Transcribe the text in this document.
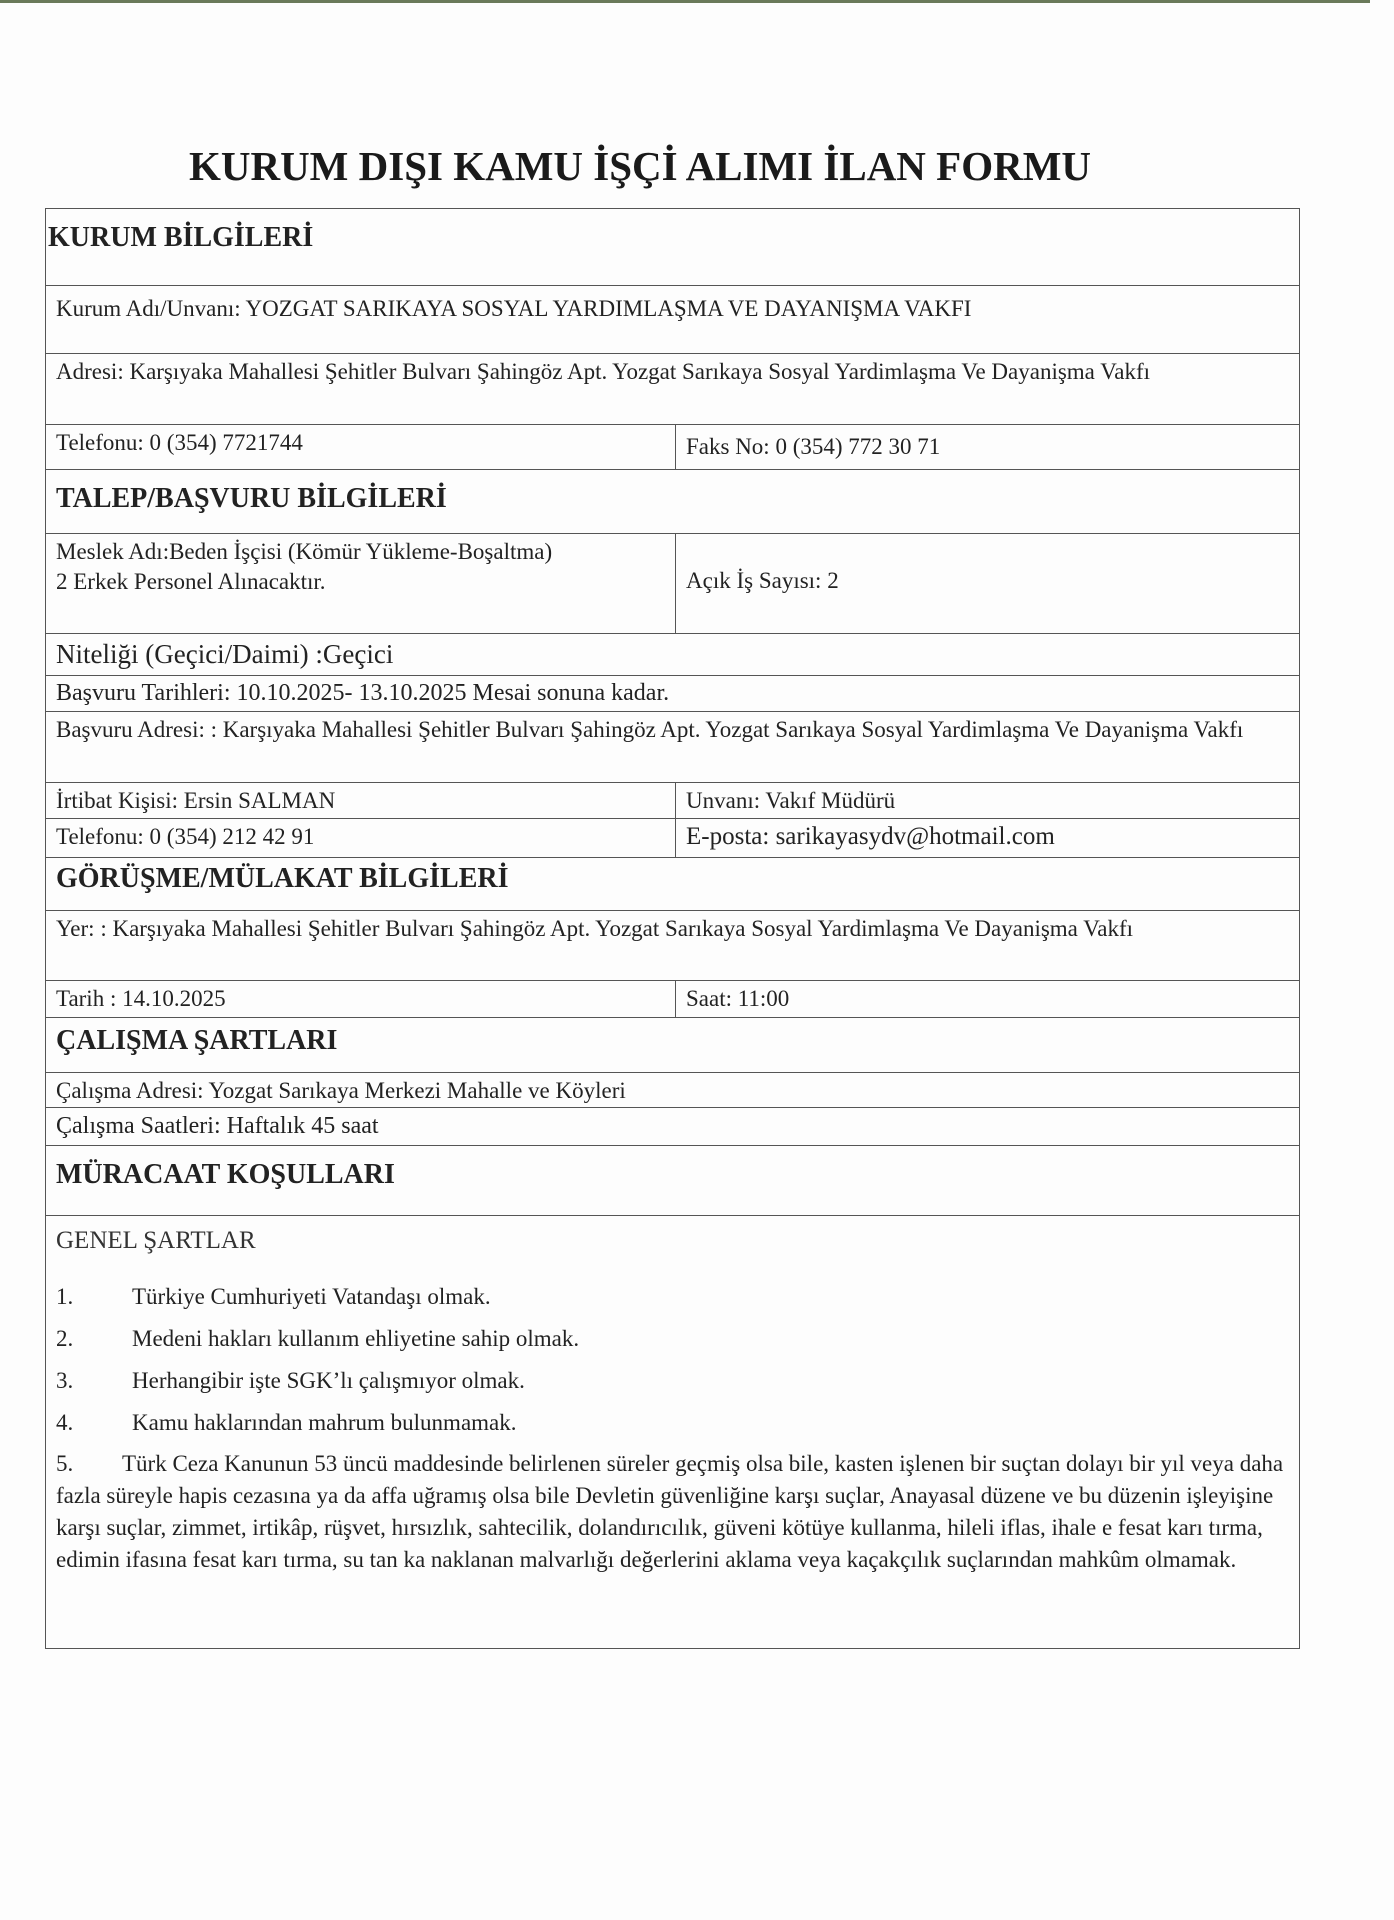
KURUM DIŞI KAMU İŞÇİ ALIMI İLAN FORMU
KURUM BİLGİLERİ
Kurum Adı/Unvanı: YOZGAT SARIKAYA SOSYAL YARDIMLAŞMA VE DAYANIŞMA VAKFI
Adresi: Karşıyaka Mahallesi Şehitler Bulvarı Şahingöz Apt. Yozgat Sarıkaya Sosyal Yardimlaşma Ve Dayanişma Vakfı
Telefonu: 0 (354) 7721744	Faks No: 0 (354) 772 30 71
TALEP/BAŞVURU BİLGİLERİ
Meslek Adı:Beden İşçisi (Kömür Yükleme-Boşaltma)
2 Erkek Personel Alınacaktır.	Açık İş Sayısı: 2
Niteliği (Geçici/Daimi) :Geçici
Başvuru Tarihleri: 10.10.2025- 13.10.2025 Mesai sonuna kadar.
Başvuru Adresi: : Karşıyaka Mahallesi Şehitler Bulvarı Şahingöz Apt. Yozgat Sarıkaya Sosyal Yardimlaşma Ve Dayanişma Vakfı
İrtibat Kişisi: Ersin SALMAN	Unvanı: Vakıf Müdürü
Telefonu: 0 (354) 212 42 91	E-posta: sarikayasydv@hotmail.com
GÖRÜŞME/MÜLAKAT BİLGİLERİ
Yer: : Karşıyaka Mahallesi Şehitler Bulvarı Şahingöz Apt. Yozgat Sarıkaya Sosyal Yardimlaşma Ve Dayanişma Vakfı
Tarih : 14.10.2025	Saat: 11:00
ÇALIŞMA ŞARTLARI
Çalışma Adresi: Yozgat Sarıkaya Merkezi Mahalle ve Köyleri
Çalışma Saatleri: Haftalık 45 saat
MÜRACAAT KOŞULLARI
GENEL ŞARTLAR
1.	Türkiye Cumhuriyeti Vatandaşı olmak.
2.	Medeni hakları kullanım ehliyetine sahip olmak.
3.	Herhangibir işte SGK’lı çalışmıyor olmak.
4.	Kamu haklarından mahrum bulunmamak.
5. Türk Ceza Kanunun 53 üncü maddesinde belirlenen süreler geçmiş olsa bile, kasten işlenen bir suçtan dolayı bir yıl veya daha fazla süreyle hapis cezasına ya da affa uğramış olsa bile Devletin güvenliğine karşı suçlar, Anayasal düzene ve bu düzenin işleyişine karşı suçlar, zimmet, irtikâp, rüşvet, hırsızlık, sahtecilik, dolandırıcılık, güveni kötüye kullanma, hileli iflas, ihale e fesat karı tırma, edimin ifasına fesat karı tırma, su tan ka naklanan malvarlığı değerlerini aklama veya kaçakçılık suçlarından mahkûm olmamak.
